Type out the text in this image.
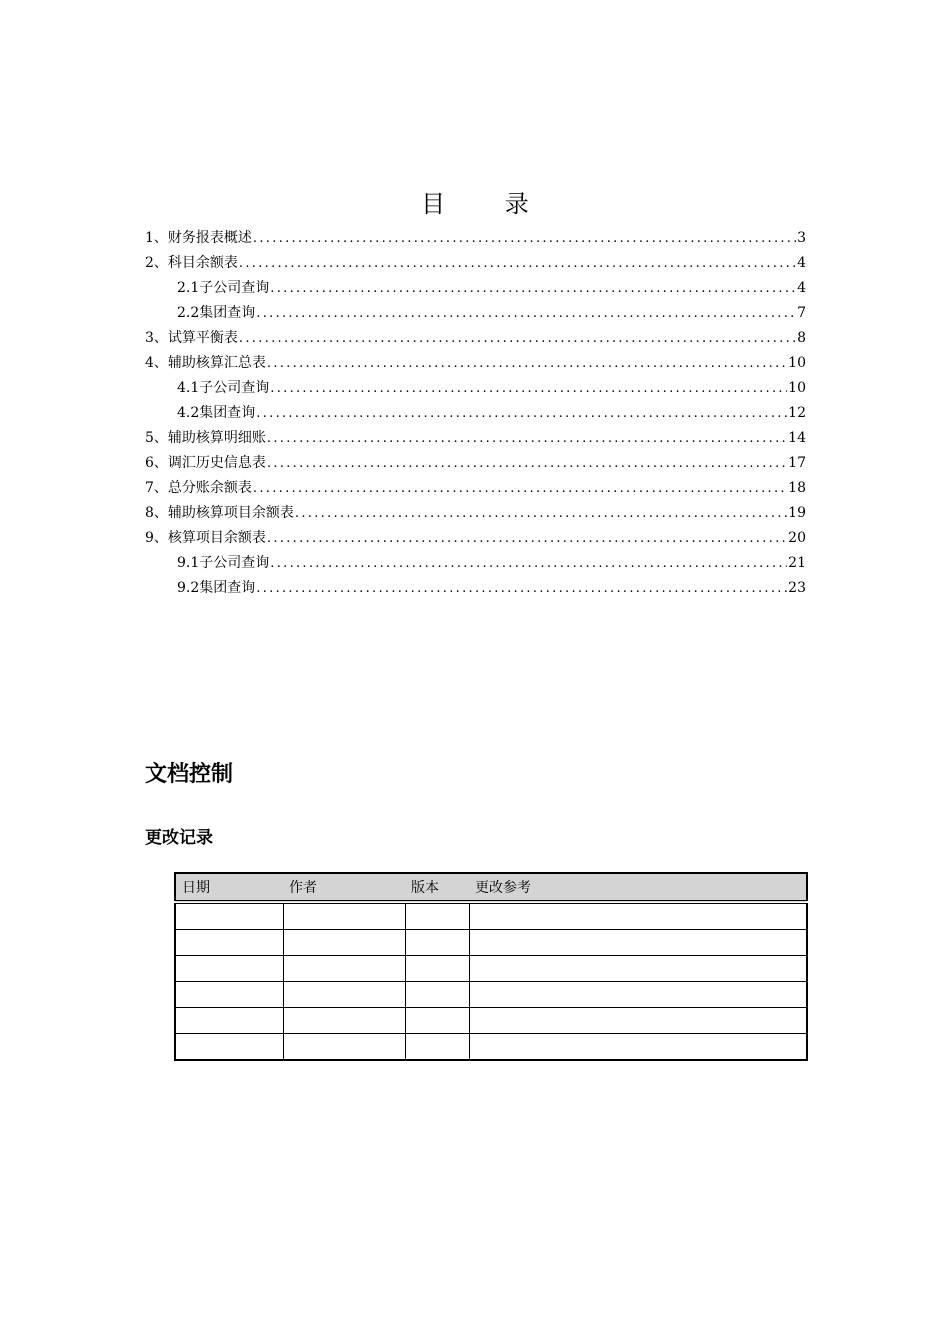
目 录
1、财务报表概述 .....	3
2、科目余额表 .....	4
2.1子公司查询 .....	4
2.2集团查询 .....	7
3、试算平衡表 .....	8
4、辅助核算汇总表 .....	10
4.1子公司查询 .....	10
4.2集团查询 .....	12
5、辅助核算明细账 .....	14
6、调汇历史信息表 .....	17
7、总分账余额表 .....	18
8、辅助核算项目余额表 .....	19
9、核算项目余额表 .....	20
9.1子公司查询 .....	21
9.2集团查询 .....	23
文档控制
更改记录
日期	作者	版本	更改参考
